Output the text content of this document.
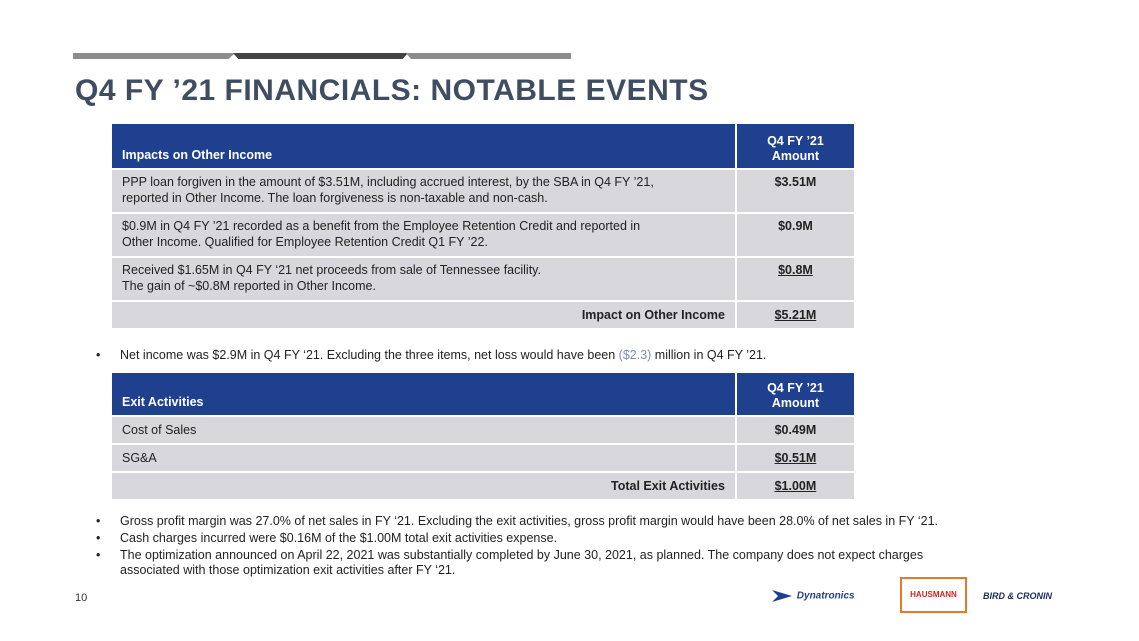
Q4 FY ’21 FINANCIALS: NOTABLE EVENTS
Impacts on Other Income	Q4 FY ’21
Amount
PPP loan forgiven in the amount of $3.51M, including accrued interest, by the SBA in Q4 FY ’21,
reported in Other Income. The loan forgiveness is non-taxable and non-cash.	$3.51M
$0.9M in Q4 FY ’21 recorded as a benefit from the Employee Retention Credit and reported in
Other Income. Qualified for Employee Retention Credit Q1 FY ’22.	$0.9M
Received $1.65M in Q4 FY ‘21 net proceeds from sale of Tennessee facility.
The gain of ~$0.8M reported in Other Income.	$0.8M
Impact on Other Income	$5.21M
• Net income was $2.9M in Q4 FY ‘21. Excluding the three items, net loss would have been ($2.3) million in Q4 FY ’21.
Exit Activities	Q4 FY ’21
Amount
Cost of Sales	$0.49M
SG&A	$0.51M
Total Exit Activities	$1.00M
• Gross profit margin was 27.0% of net sales in FY ‘21. Excluding the exit activities, gross profit margin would have been 28.0% of net sales in FY ‘21.
• Cash charges incurred were $0.16M of the $1.00M total exit activities expense.
• The optimization announced on April 22, 2021 was substantially completed by June 30, 2021, as planned. The company does not expect charges
associated with those optimization exit activities after FY ‘21.
10	Dynatronics	HAUSMANN	BIRD & CRONIN
